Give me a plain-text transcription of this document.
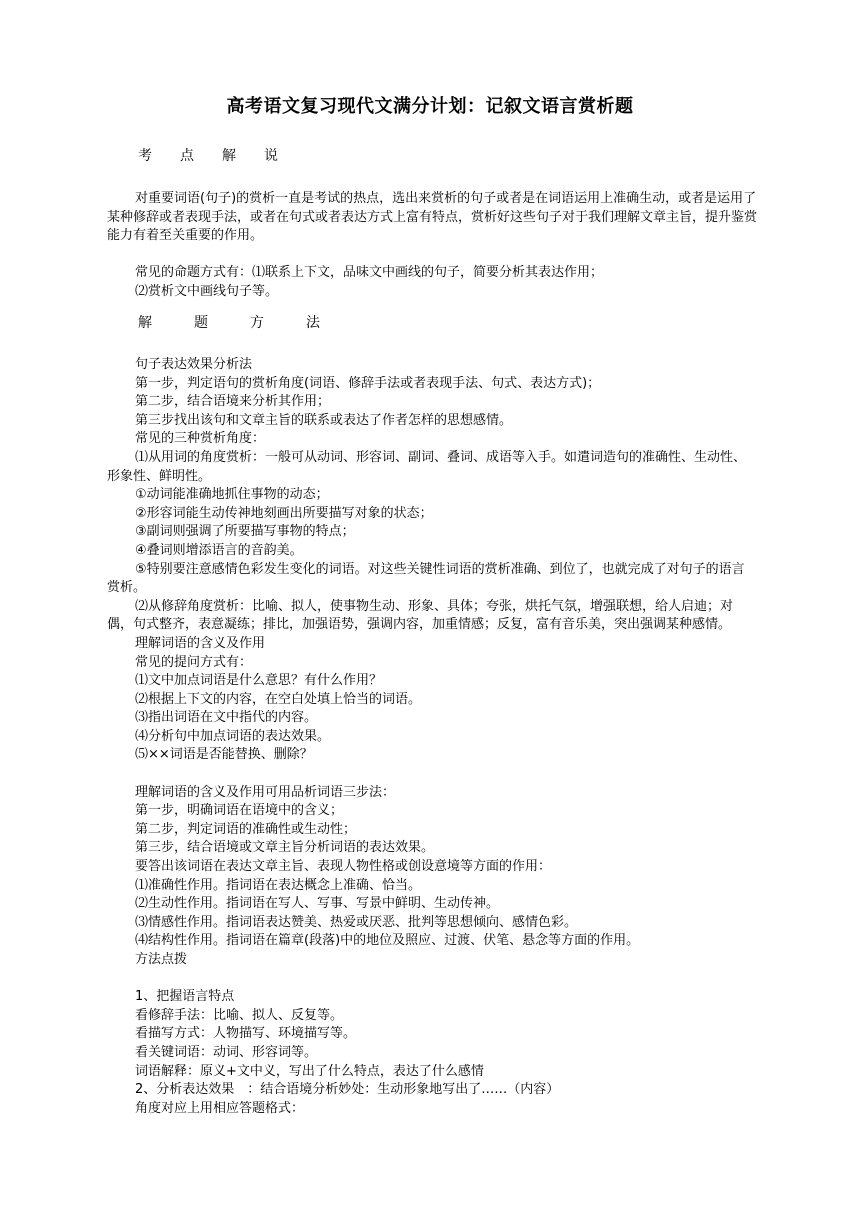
高考语文复习现代文满分计划：记叙文语言赏析题
考 点 解 说

对重要词语(句子)的赏析一直是考试的热点，选出来赏析的句子或者是在词语运用上准确生动，或者是运用了某种修辞或者表现手法，或者在句式或者表达方式上富有特点，赏析好这些句子对于我们理解文章主旨，提升鉴赏能力有着至关重要的作用。

常见的命题方式有：⑴联系上下文，品味文中画线的句子，简要分析其表达作用；

⑵赏析文中画线句子等。

解	题	方	法

句子表达效果分析法

第一步，判定语句的赏析角度(词语、修辞手法或者表现手法、句式、表达方式)；

第二步，结合语境来分析其作用；

第三步找出该句和文章主旨的联系或表达了作者怎样的思想感情。

常见的三种赏析角度：

⑴从用词的角度赏析：一般可从动词、形容词、副词、叠词、成语等入手。如遣词造句的准确性、生动性、形象性、鲜明性。

①动词能准确地抓住事物的动态；

②形容词能生动传神地刻画出所要描写对象的状态；

③副词则强调了所要描写事物的特点；

④叠词则增添语言的音韵美。

⑤特别要注意感情色彩发生变化的词语。对这些关键性词语的赏析准确、到位了，也就完成了对句子的语言赏析。

⑵从修辞角度赏析：比喻、拟人，使事物生动、形象、具体；夸张，烘托气氛，增强联想，给人启迪；对偶，句式整齐，表意凝练；排比，加强语势，强调内容，加重情感；反复，富有音乐美，突出强调某种感情。

理解词语的含义及作用

常见的提问方式有：

⑴文中加点词语是什么意思？有什么作用？

⑵根据上下文的内容，在空白处填上恰当的词语。

⑶指出词语在文中指代的内容。

⑷分析句中加点词语的表达效果。

⑸××词语是否能替换、删除？

理解词语的含义及作用可用品析词语三步法：

第一步，明确词语在语境中的含义；

第二步，判定词语的准确性或生动性；

第三步，结合语境或文章主旨分析词语的表达效果。

要答出该词语在表达文章主旨、表现人物性格或创设意境等方面的作用：

⑴准确性作用。指词语在表达概念上准确、恰当。

⑵生动性作用。指词语在写人、写事、写景中鲜明、生动传神。

⑶情感性作用。指词语表达赞美、热爱或厌恶、批判等思想倾向、感情色彩。

⑷结构性作用。指词语在篇章(段落)中的地位及照应、过渡、伏笔、悬念等方面的作用。

方法点拨

1、把握语言特点

看修辞手法：比喻、拟人、反复等。

看描写方式：人物描写、环境描写等。

看关键词语：动词、形容词等。

词语解释：原义+文中义，写出了什么特点，表达了什么感情

2、分析表达效果　：结合语境分析妙处：生动形象地写出了……（内容）

角度对应上用相应答题格式：
